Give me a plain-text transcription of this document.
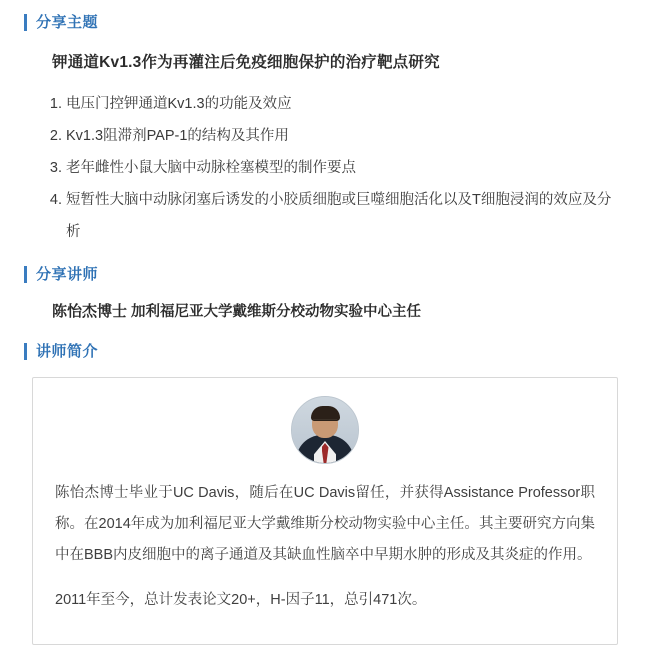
分享主题
钾通道Kv1.3作为再灌注后免疫细胞保护的治疗靶点研究
1. 电压门控钾通道Kv1.3的功能及效应
2. Kv1.3阻滞剂PAP-1的结构及其作用
3. 老年雌性小鼠大脑中动脉栓塞模型的制作要点
4. 短暂性大脑中动脉闭塞后诱发的小胶质细胞或巨噬细胞活化以及T细胞浸润的效应及分析
分享讲师
陈怡杰博士 加利福尼亚大学戴维斯分校动物实验中心主任
讲师简介

陈怡杰博士毕业于UC Davis，随后在UC Davis留任，并获得Assistance Professor职称。在2014年成为加利福尼亚大学戴维斯分校动物实验中心主任。其主要研究方向集中在BBB内皮细胞中的离子通道及其缺血性脑卒中早期水肿的形成及其炎症的作用。

2011年至今，总计发表论文20+，H-因子11，总引471次。
